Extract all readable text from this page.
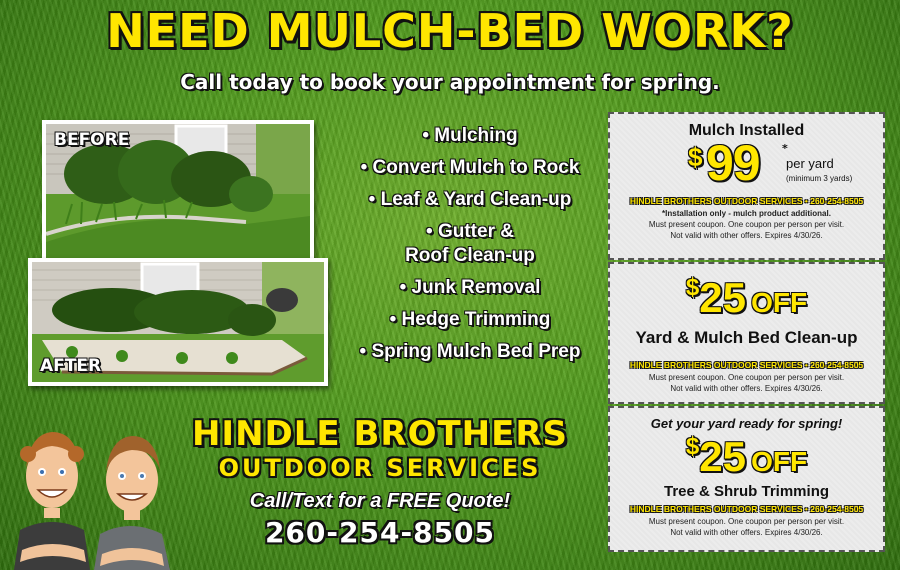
NEED MULCH-BED WORK?
Call today to book your appointment for spring.
BEFORE
AFTER
• Mulching
• Convert Mulch to Rock
• Leaf & Yard Clean-up
• Gutter &
Roof Clean-up
• Junk Removal
• Hedge Trimming
• Spring Mulch Bed Prep
HINDLE BROTHERS
OUTDOOR SERVICES
Call/Text for a FREE Quote!
260-254-8505
Mulch Installed
$ 99 *
per yard
(minimum 3 yards)
HINDLE BROTHERS OUTDOOR SERVICES • 260-254-8505
*Installation only - mulch product additional.
Must present coupon. One coupon per person per visit.
Not valid with other offers. Expires 4/30/26.
$25 OFF
Yard & Mulch Bed Clean-up
HINDLE BROTHERS OUTDOOR SERVICES • 260-254-8505
Must present coupon. One coupon per person per visit.
Not valid with other offers. Expires 4/30/26.
Get your yard ready for spring!
$25 OFF
Tree & Shrub Trimming
HINDLE BROTHERS OUTDOOR SERVICES • 260-254-8505
Must present coupon. One coupon per person per visit.
Not valid with other offers. Expires 4/30/26.
